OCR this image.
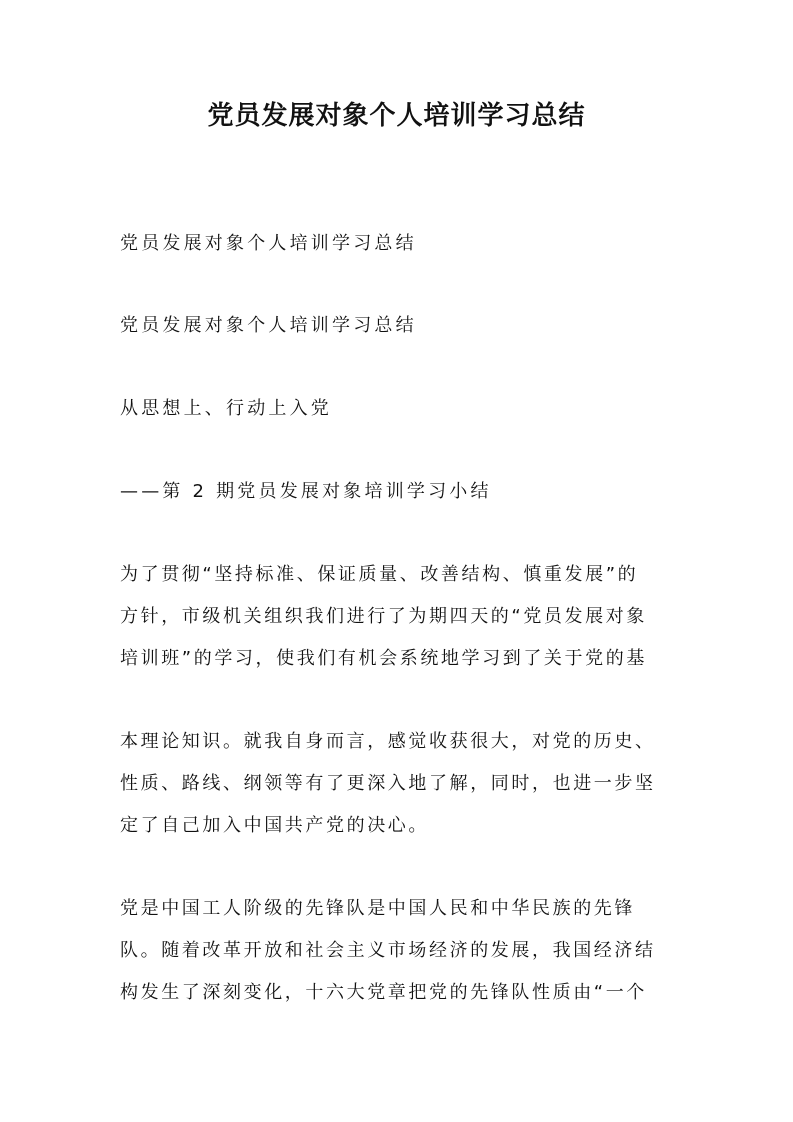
党员发展对象个人培训学习总结

党员发展对象个人培训学习总结

党员发展对象个人培训学习总结

从思想上、行动上入党

——第 2 期党员发展对象培训学习小结

为了贯彻“坚持标准、保证质量、改善结构、慎重发展”的

方针，市级机关组织我们进行了为期四天的“党员发展对象

培训班”的学习，使我们有机会系统地学习到了关于党的基

本理论知识。就我自身而言，感觉收获很大，对党的历史、

性质、路线、纲领等有了更深入地了解，同时，也进一步坚

定了自己加入中国共产党的决心。

党是中国工人阶级的先锋队是中国人民和中华民族的先锋

队。随着改革开放和社会主义市场经济的发展，我国经济结

构发生了深刻变化，十六大党章把党的先锋队性质由“一个
